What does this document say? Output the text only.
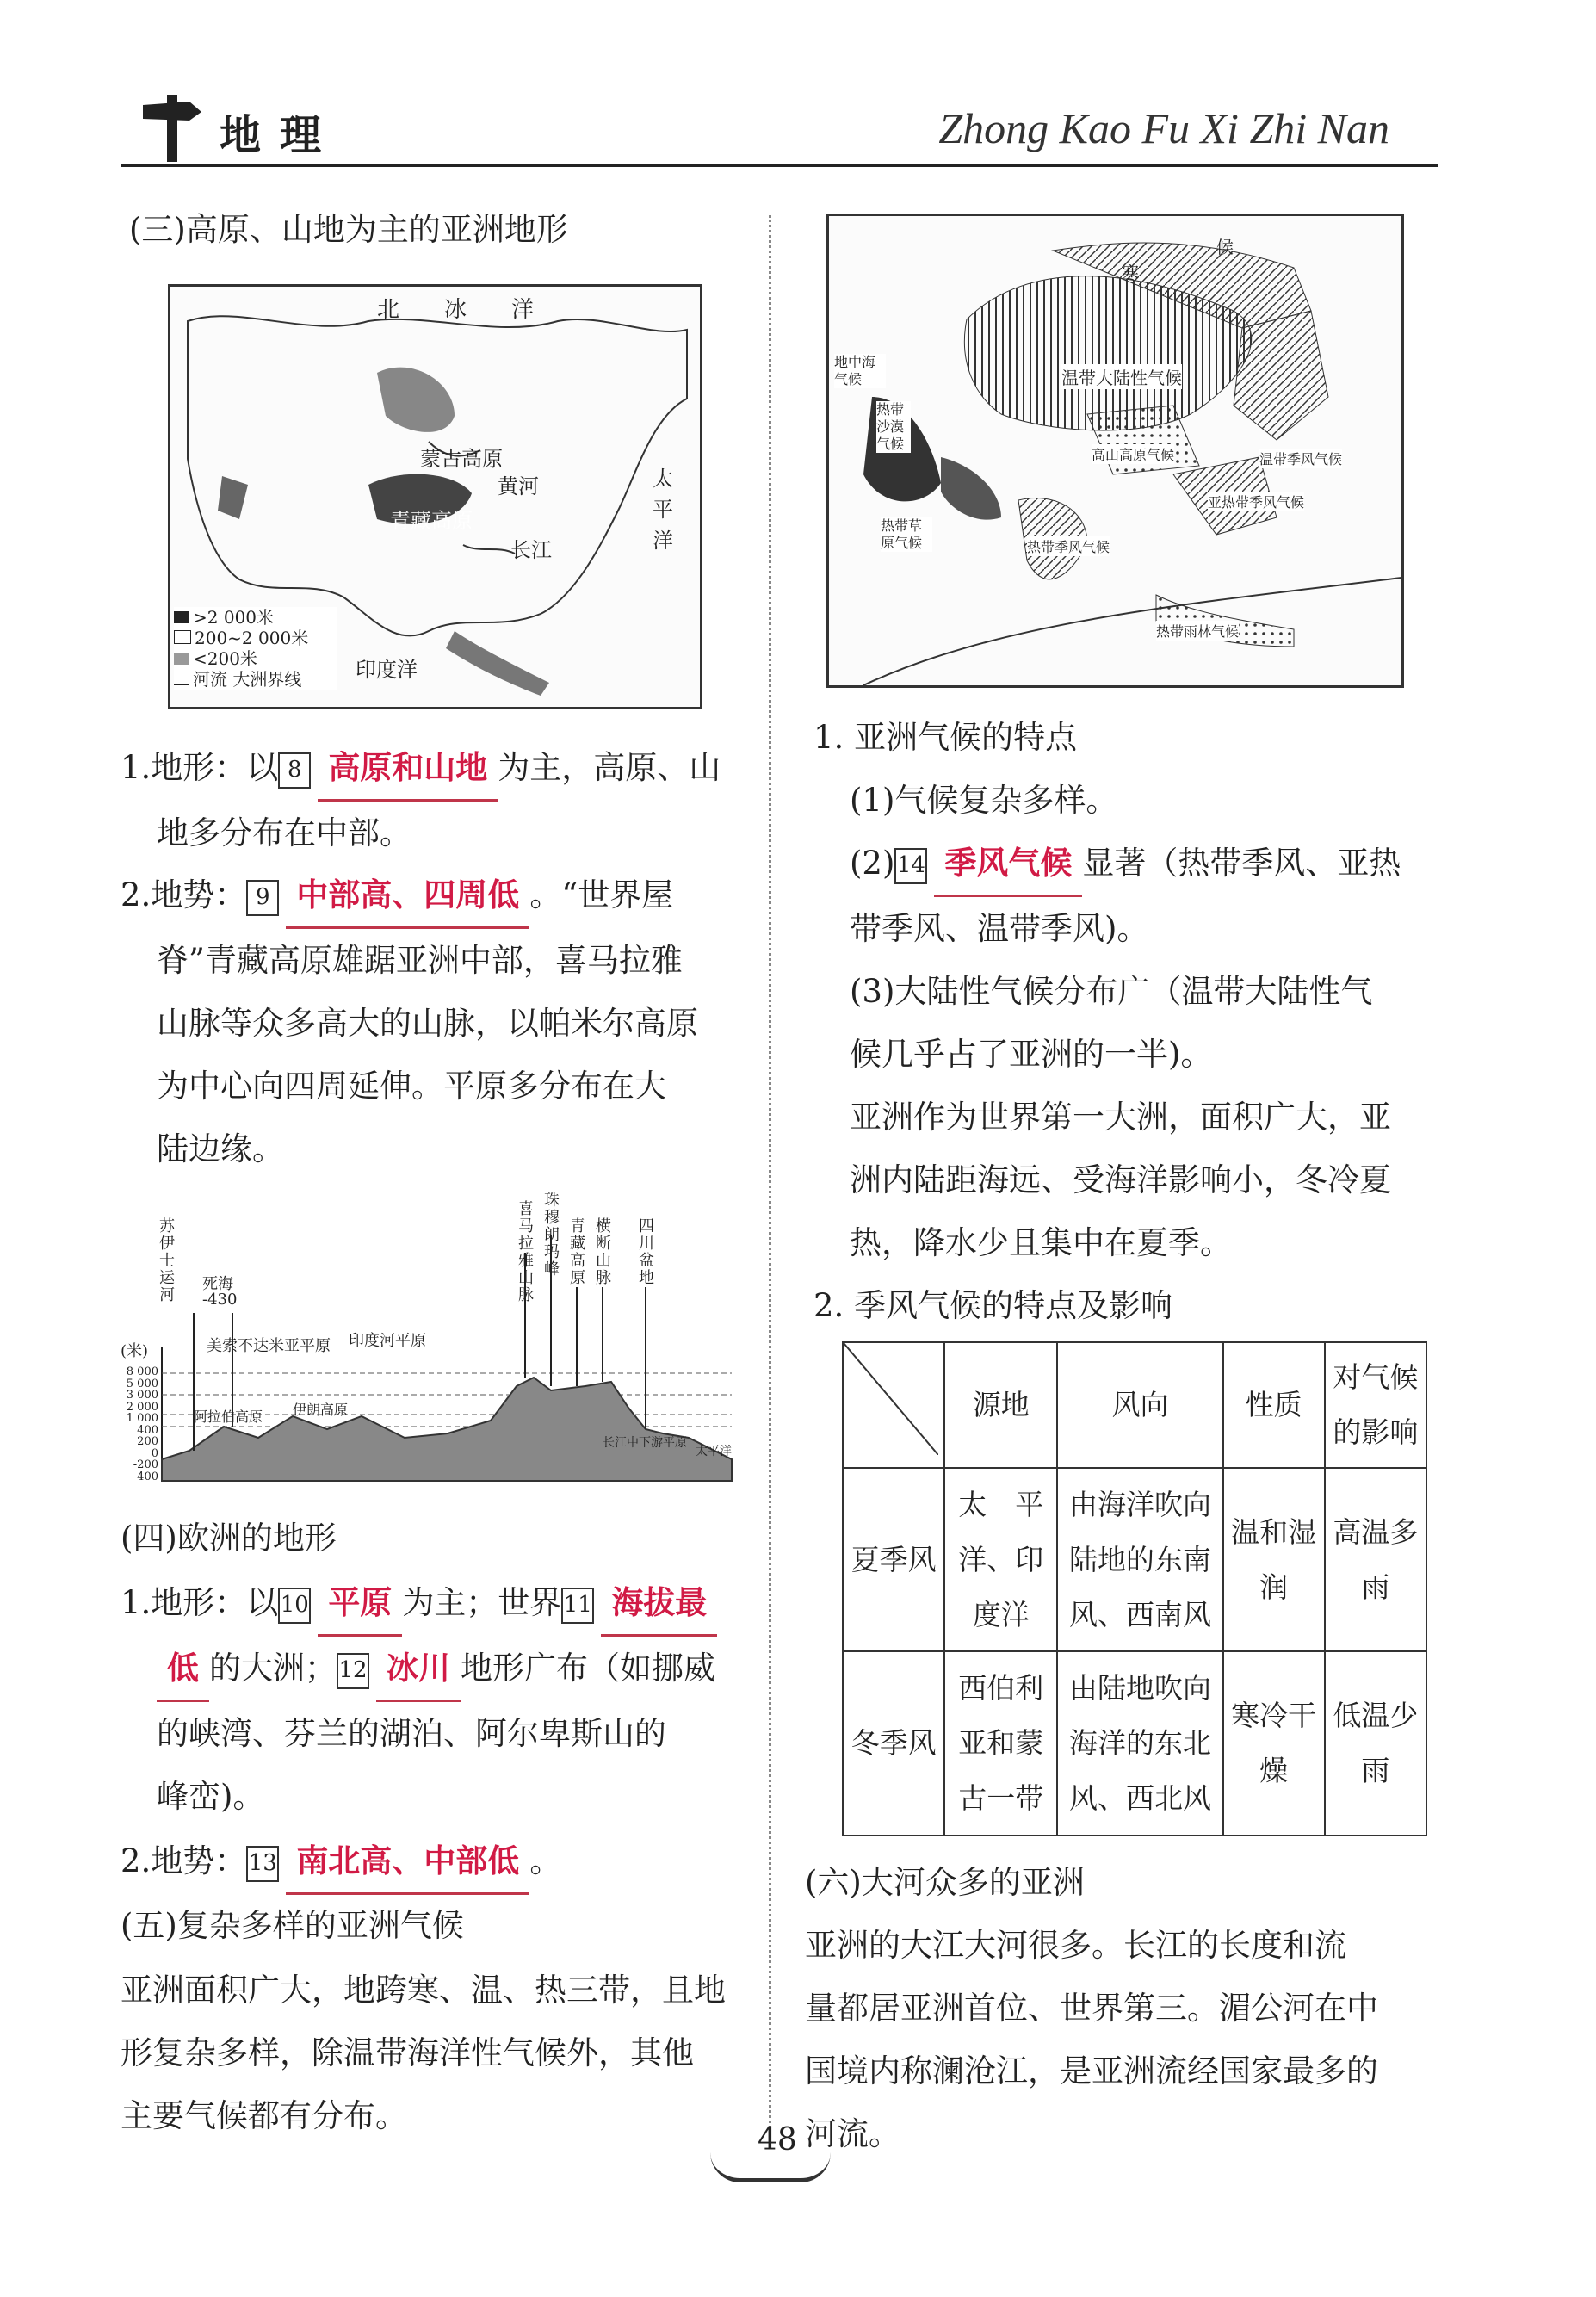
地理	Zhong Kao Fu Xi Zhi Nan
(三)高原、山地为主的亚洲地形
北　　冰　　洋
蒙古高原
黄河
青藏高原
长江
太
平
洋
印度洋
>2 000米
200~2 000米
<200米
河流 大洲界线
1.地形：以 8 高原和山地 为主，高原、山
地多分布在中部。
2.地势： 9 中部高、四周低 。“世界屋
脊”青藏高原雄踞亚洲中部，喜马拉雅
山脉等众多高大的山脉，以帕米尔高原
为中心向四周延伸。平原多分布在大
陆边缘。
(米)
8 000
5 000
3 000
2 000
1 000
400
200
0
-200
-400
苏伊士运河
死海
-430
喜马拉雅山脉
珠穆朗玛峰
青藏高原
横断山脉
四川盆地
美索不达米亚平原 印度河平原
阿拉伯高原 伊朗高原
长江中下游平原
太平洋
(四)欧洲的地形
1.地形：以10 平原 为主；世界11 海拔最
低 的大洲；12 冰川 地形广布（如挪威
的峡湾、芬兰的湖泊、阿尔卑斯山的
峰峦)。
2.地势：13 南北高、中部低 。
(五)复杂多样的亚洲气候
亚洲面积广大，地跨寒、温、热三带，且地
形复杂多样，除温带海洋性气候外，其他
主要气候都有分布。
寒
候
温带大陆性气候
地中海气候
热带沙漠气候
高山高原气候
亚热带季风气候
温带季风气候
热带草原气候	热带季风气候
热带雨林气候
1. 亚洲气候的特点
(1)气候复杂多样。
(2)14 季风气候 显著（热带季风、亚热
带季风、温带季风)。
(3)大陆性气候分布广（温带大陆性气
候几乎占了亚洲的一半)。
亚洲作为世界第一大洲，面积广大，亚
洲内陆距海远、受海洋影响小，冬冷夏
热，降水少且集中在夏季。
2. 季风气候的特点及影响
	源地	风向	性质	对气候的影响
夏季风	太　平洋、印度洋	由海洋吹向陆地的东南风、西南风	温和湿润	高温多雨
冬季风	西伯利亚和蒙古一带	由陆地吹向海洋的东北风、西北风	寒冷干燥	低温少雨
(六)大河众多的亚洲
亚洲的大江大河很多。长江的长度和流
量都居亚洲首位、世界第三。湄公河在中
国境内称澜沧江，是亚洲流经国家最多的
河流。
48
